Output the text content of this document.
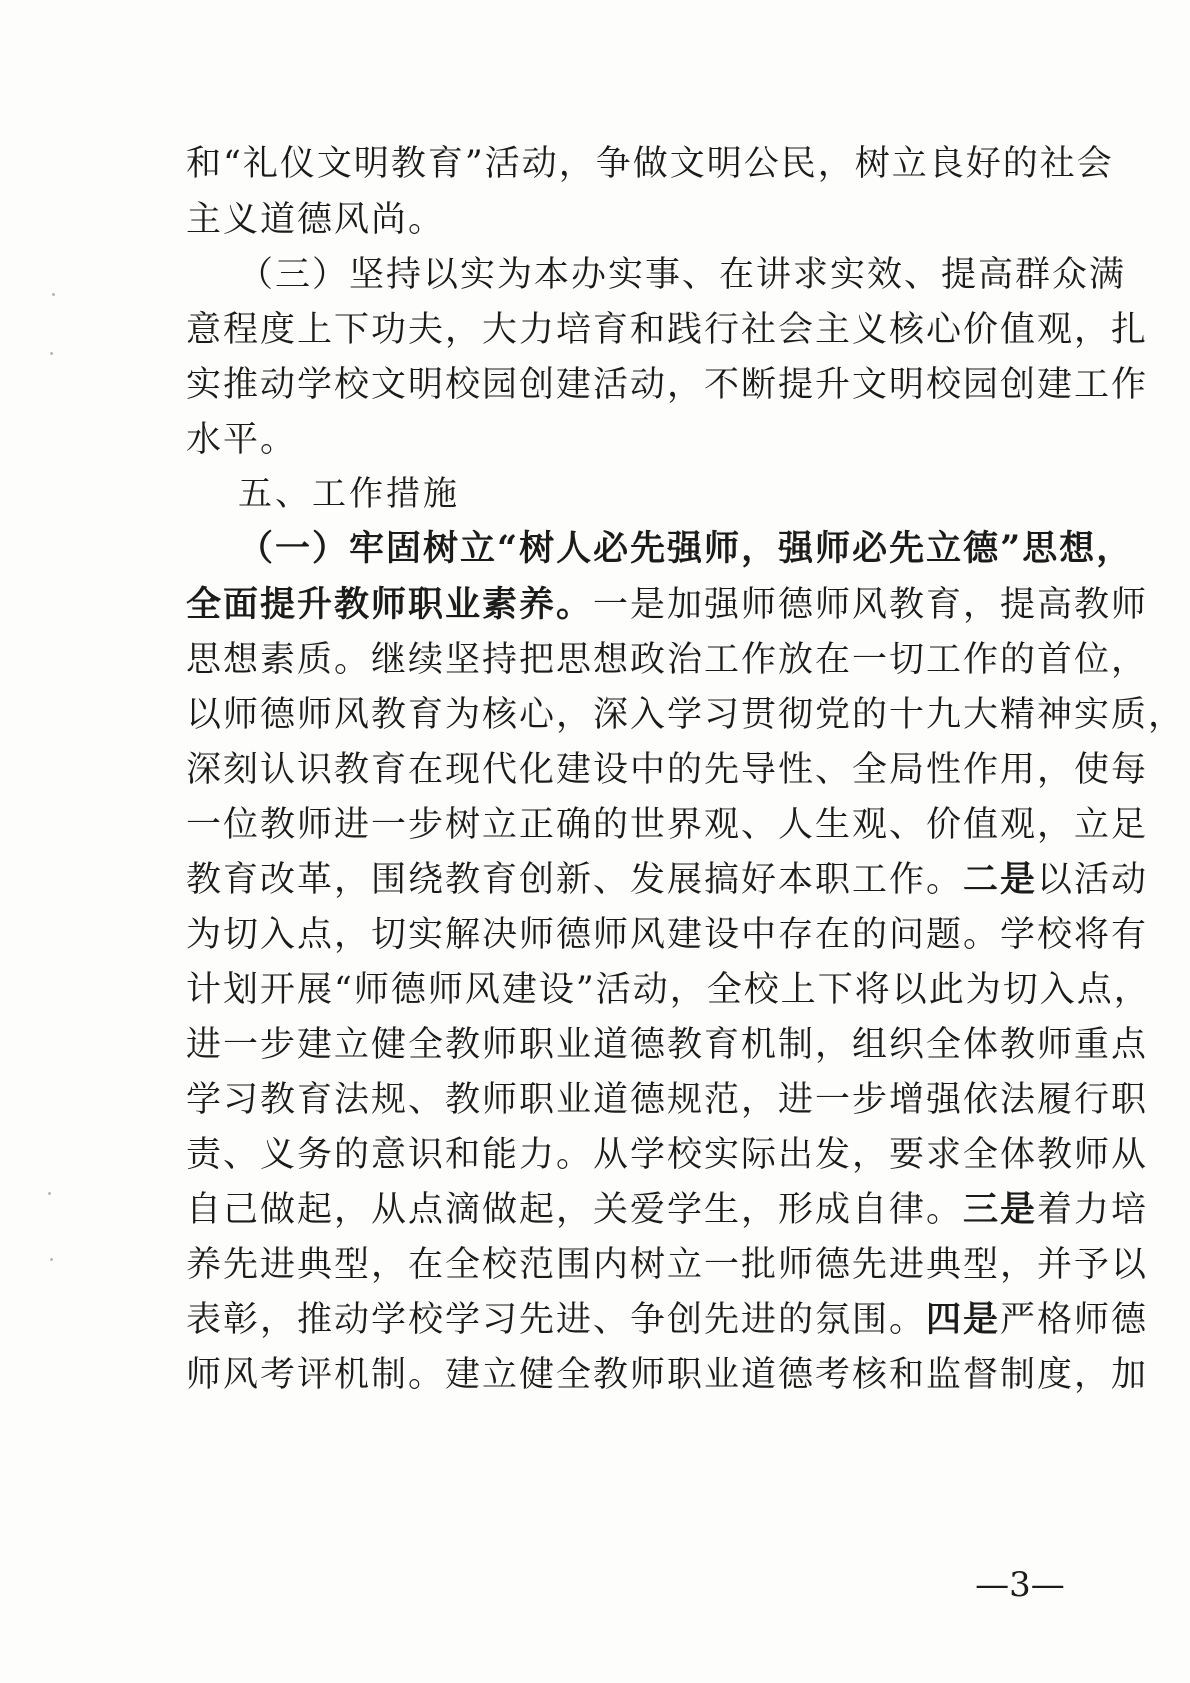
和“礼仪文明教育”活动，争做文明公民，树立良好的社会
主义道德风尚。
（三）坚持以实为本办实事、在讲求实效、提高群众满
意程度上下功夫，大力培育和践行社会主义核心价值观，扎
实推动学校文明校园创建活动，不断提升文明校园创建工作
水平。
五、工作措施
（一）牢固树立“树人必先强师，强师必先立德”思想，
全面提升教师职业素养。一是加强师德师风教育，提高教师
思想素质。继续坚持把思想政治工作放在一切工作的首位，
以师德师风教育为核心，深入学习贯彻党的十九大精神实质，
深刻认识教育在现代化建设中的先导性、全局性作用，使每
一位教师进一步树立正确的世界观、人生观、价值观，立足
教育改革，围绕教育创新、发展搞好本职工作。二是以活动
为切入点，切实解决师德师风建设中存在的问题。学校将有
计划开展“师德师风建设”活动，全校上下将以此为切入点，
进一步建立健全教师职业道德教育机制，组织全体教师重点
学习教育法规、教师职业道德规范，进一步增强依法履行职
责、义务的意识和能力。从学校实际出发，要求全体教师从
自己做起，从点滴做起，关爱学生，形成自律。三是着力培
养先进典型，在全校范围内树立一批师德先进典型，并予以
表彰，推动学校学习先进、争创先进的氛围。四是严格师德
师风考评机制。建立健全教师职业道德考核和监督制度，加
—3—
